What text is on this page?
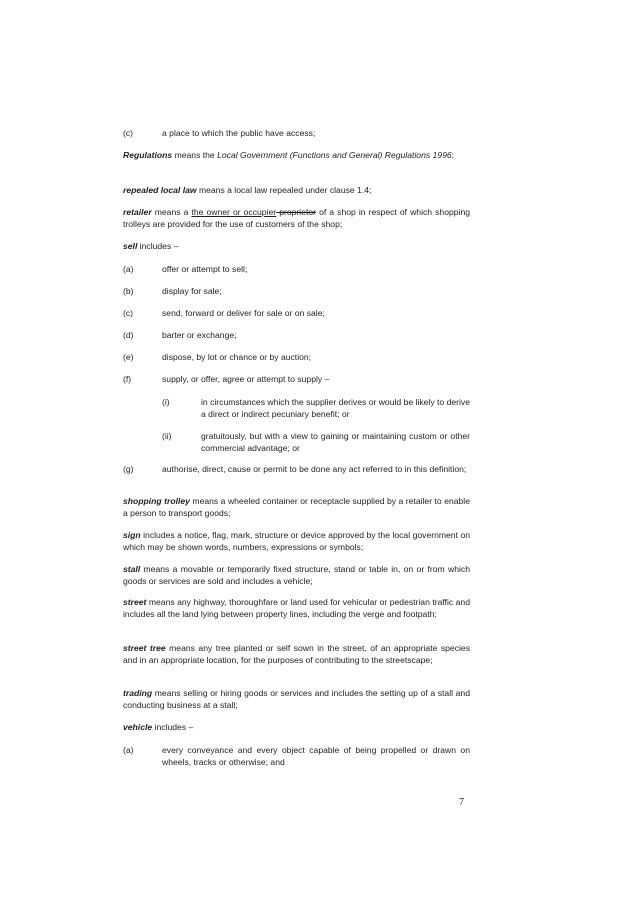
(c)	a place to which the public have access;
Regulations means the Local Government (Functions and General) Regulations 1996;
repealed local law means a local law repealed under clause 1.4;
retailer means a the owner or occupier proprietor of a shop in respect of which shopping trolleys are provided for the use of customers of the shop;
sell includes –
(a)	offer or attempt to sell;
(b)	display for sale;
(c)	send, forward or deliver for sale or on sale;
(d)	barter or exchange;
(e)	dispose, by lot or chance or by auction;
(f)	supply, or offer, agree or attempt to supply –
(i)	in circumstances which the supplier derives or would be likely to derive a direct or indirect pecuniary benefit; or
(ii)	gratuitously, but with a view to gaining or maintaining custom or other commercial advantage; or
(g)	authorise, direct, cause or permit to be done any act referred to in this definition;
shopping trolley means a wheeled container or receptacle supplied by a retailer to enable a person to transport goods;
sign includes a notice, flag, mark, structure or device approved by the local government on which may be shown words, numbers, expressions or symbols;
stall means a movable or temporarily fixed structure, stand or table in, on or from which goods or services are sold and includes a vehicle;
street means any highway, thoroughfare or land used for vehicular or pedestrian traffic and includes all the land lying between property lines, including the verge and footpath;
street tree means any tree planted or self sown in the street, of an appropriate species and in an appropriate location, for the purposes of contributing to the streetscape;
trading means selling or hiring goods or services and includes the setting up of a stall and conducting business at a stall;
vehicle includes –
(a)	every conveyance and every object capable of being propelled or drawn on wheels, tracks or otherwise; and
7
